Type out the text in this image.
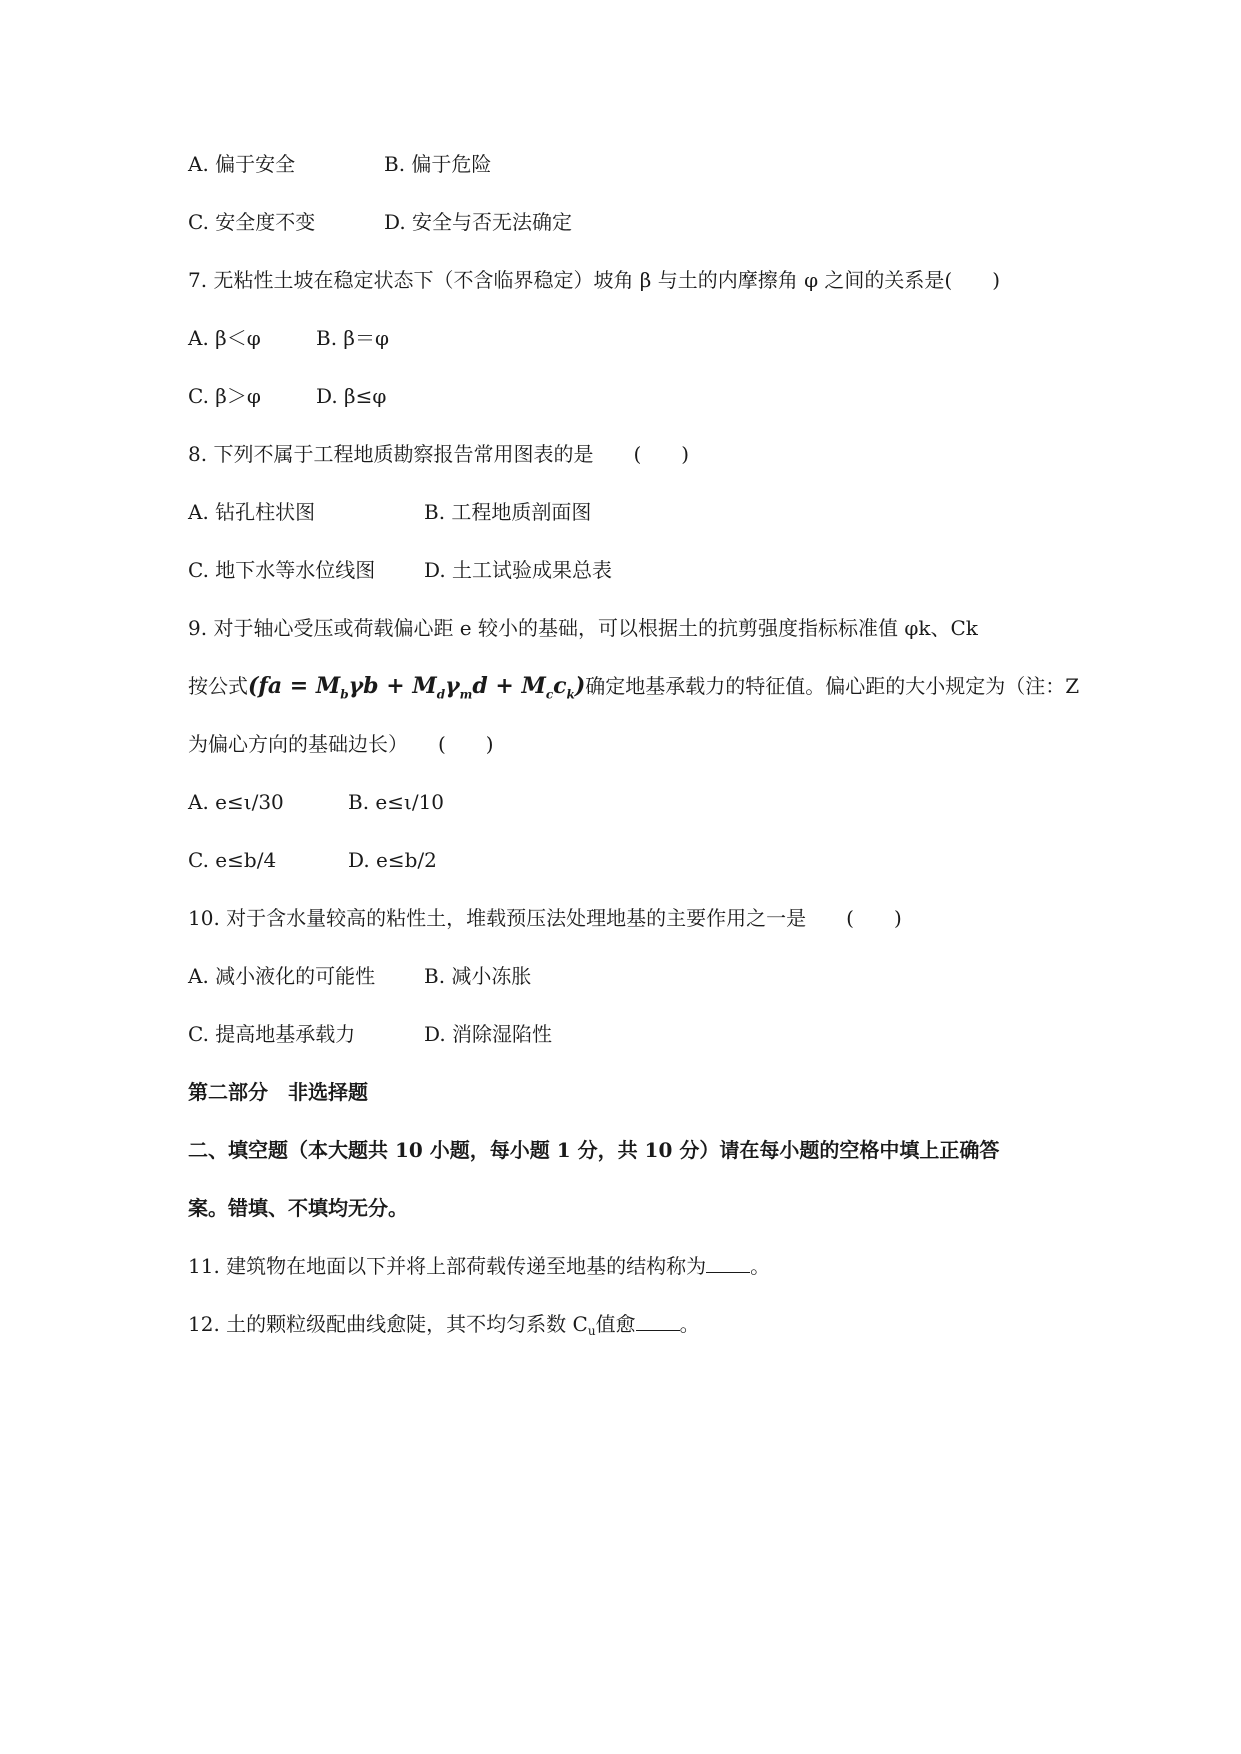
A. 偏于安全	B. 偏于危险
C. 安全度不变	D. 安全与否无法确定
7. 无粘性土坡在稳定状态下（不含临界稳定）坡角 β 与土的内摩擦角 φ 之间的关系是(　　)
A. β＜φ	B. β＝φ
C. β＞φ	D. β≤φ
8. 下列不属于工程地质勘察报告常用图表的是　　(　　)
A. 钻孔柱状图	B. 工程地质剖面图
C. 地下水等水位线图 D. 土工试验成果总表
9. 对于轴心受压或荷载偏心距 e 较小的基础，可以根据土的抗剪强度指标标准值 φk、Ck
按公式$(fa = M_b\gamma b + M_d\gamma_md + M_cc_k)$确定地基承载力的特征值。偏心距的大小规定为（注：Z
为偏心方向的基础边长）　　(　　)
A. e≤ι/30	B. e≤ι/10
C. e≤b/4	D. e≤b/2
10. 对于含水量较高的粘性土，堆载预压法处理地基的主要作用之一是　　(　　)
A. 减小液化的可能性 B. 减小冻胀
C. 提高地基承载力	D. 消除湿陷性
第二部分　非选择题
二、填空题（本大题共 10 小题，每小题 1 分，共 10 分）请在每小题的空格中填上正确答
案。错填、不填均无分。
11. 建筑物在地面以下并将上部荷载传递至地基的结构称为 。
12. 土的颗粒级配曲线愈陡，其不均匀系数 $C_u$值愈 。
